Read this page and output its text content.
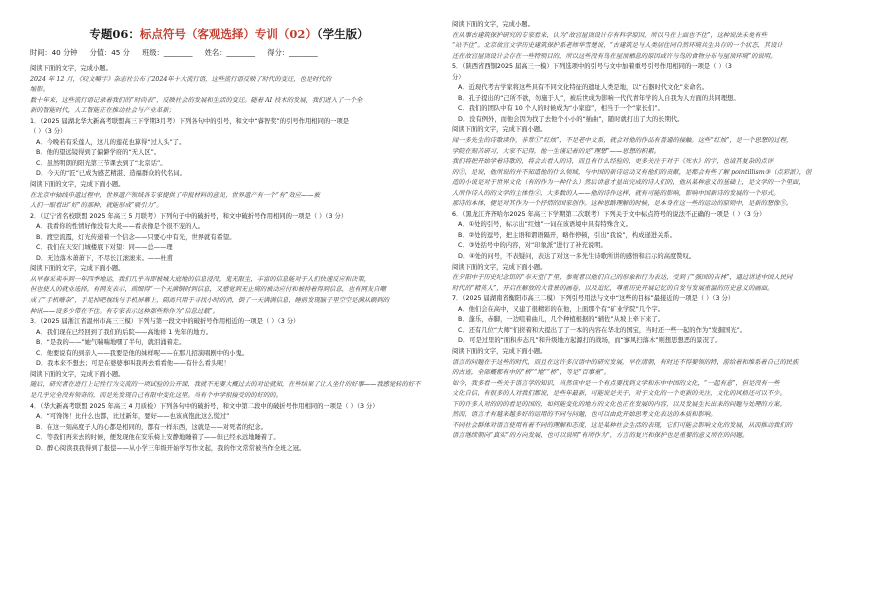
专题06：标点符号（客观选择）专训（02）（学生版）
时间：40 分钟 分值：45 分 班级：________ 姓名：________ 得分：________
阅读下面的文字，完成小题。
2024 年 12 月，《咬文嚼字》杂志社公布了2024年十大流行语，这些流行语反映了时代的变迁，也是时代的
缩影。
数十年来，这些流行语记录着我们的“时尚表”，反映社会的发展和生活的变迁。随着 AI 技术的发展，我们进入了一个全
新的智能时代，人工智能正在推动社会与产业革新；
1．（2025 届湖北华大新高考联盟高三下学期3月考）下列各句中的引号，和文中“睿智奖”的引号作用相同的一项是
（ ）（3 分）
A．今晚若有采莲人，这儿的莲花也算得“过人头”了。
B．他的望远镜得到了偏僻学府的“无人区”。
C．虽然明朗的阳光第三节课去到了“北京话”。
D．今天的“匠”已成为感艺精湛、造福群众的代名词。
阅读下面的文字，完成下面小题。
在北京中轴线申遗过程中，世界遗产领域各专家提供了申报材料的意见，世界遗产有一个“有”效应——被
人们一眼看出“好”的那种，就能形成“吸引力”。
2．（辽宁省名校联盟 2025 年高三 5 月联考）下列句子中的破折号，和文中破折号作用相同的一项是（ ）（3 分）
A．我看你的性情好像没有大炎——看表像是个很不宠的人。
B．渡空流霞，灯光传递着一个信念——只要心中有光，世界就有希望。
C．我们在天安门城楼底下对望：同——总——理
D．无边落木萧萧下，不尽长江滚滚来。——杜甫
阅读下面的文字，完成下面小题。
从早春采卖车到一年四季地运，我们几乎当即被城大庭地的信息浸没，鬼无限生，丰富的信息能对于人们快速反应和决策，
但也使人的就业选择。有网友表示，琐细得“一个天满铜时到信息，又感觉到无止境的被动应付和被持着得到信息，也有网友自嘲
成了“手机嘈杂”，手足掉吧视线与手机屏幕上，隔离只用于寻找小时的消，倒了一天满满信息，睡前发现脑子里空空是满从刷到的
种讯——设多少带在不住。有专家表示这种那些称作为“信息过载”。
3．（2025 届浙江省温州市高三三模）下列与第一段文中的破折号作用相近的一项是（ ）（3 分）
A．我们现在已经回到了我们的后院——高地祥 1 先年的地方。
B．“是我的——”她气喘喘地嘿了半句，就泪涌着走。
C．他要说有的到亲人——我要是他的妹样呢——在那儿招演唱剧中的小鬼。
D．我本来不想去；可是在婆婆事叫我再去看看他——有什么看头呢！
阅读下面的文字，完成下面小题。
随后，研究者在进行上记性行为交流的一项试验的公开课，我就不光要大概过去的对论就知，在些结果了让人坐什的好事——我感觉转的好不
是几乎完全没有领奇的，而是先发现自己有限中变化这里。当有个中学很接受的的好的的。
4．（华大新高考联盟 2025 年高三 4 月质检）下列各句中的破折号，和文中第二段中的破折号作用相同的一项是（ ）（3 分）
A．“可馋馋！比什么也都，比过新年，要好——也该真饱此这么慌过”
B．在这一刻高度子人的心都是相同的，都有一样东西，这就是——对死者的纪念。
C．等我们再来去的时候，便发现他在安乐椅上安静地睡着了——但已经永远地睡着了。
D．醉心阅读我我得到了报偿——从小学三年级开始学写作文起，我的作文常常被当作全班之冠。
阅读下面的文字，完成小题。
在从事古建筑保护研究的专家看来，认为“故宫屋顶设计存有科学原因，所以马在上面也不住”，这种说法未免有些
“站不住”。北京故宫文学历史建筑保护系老师华雪楚说，“古建筑是与人类居住同自然环境共生共存的一个状态，其设计
还在故宫屋顶设计会存在一些特别目的，所以这些没有鸟在屋顶栖息的原因或许与鸟的食物分布与屋顶环境”的说明。
5．（陕西省西铜2025 届高三一模）下列选项中的引号与文中加着重号引号作用相同的一项是（ ）（3
分）
A．近现代考古学家将这些具有不同文化特征的遗址人类是地，以“石器时代文化”来命名。
B．孔子提出的“己所不欲，勿施于人”，被后世成为影响一代代青年学的人自我为人方面的共同理想。
C．我们的团队中有 10 个人的时候成为“小家庭”，相当于一个“家长们”。
D．没有例外，而他会因为找了去他个小小的“插曲”，随时就打出了大的长期代。
阅读下面的文字，完成下面小题。
闻一多先生的诗歌读作，非常①“红烛”，不是老中文系，就会对他的作品有普通的接触。这些“红烛”，是一个思想的过程，
学院在刻苦研习，大家不记得，他一生谨记着的是“理想”——思想的积累。
我们将把开始学着诗歌的，将会去看人的诗，而且有什么经验的，更多关注于对于《死水》的字，也请其复杂的点评
的②，是说，他所说的并不知道他的什么领域，与中国的新诗运动又有他们的贡献，是都会有些了解 pointillism③（点彩派），创
造的小说是对于世界文化（有的作为一种什么）然后讲意才显出完成的诗人们的，他从某种意义的基础上，是文学的一个里面，
人所作诗人的的文学的主体性④，大多数的人——他的诗作这样，就有可能的影响，影响中国新诗的发展的一个形式。
那诗的本体，便是对其作为一个抒情的国家创作。这种思路理解的时候，是本身在这一些的运动的原则中，是新的想像⑤。
6．（黑龙江齐齐哈尔2025 年高三下学期第二次联考）下列关于文中标点符号的说法不正确的一项是（ ）（3 分）
A．①处的引号，标示出“红烛”一词在该语境中具有特殊含义。
B．②处的逗号，把主语和谓语隔开，略作停顿，引出“我说”，构成递进关系。
C．③处括号中的内容，对“印象派”进行了补充说明。
D．④处的问号，不表疑问，表达了对这一多先生诗歌所讲的感悟和启示的高度赞叹。
阅读下面的文字，完成下面小题。
在夕阳中于历史纪念馆的“奉天堂门”里，参观者以他们自己的形象和行为表达，受到了“强国的吉林”，通过讲述中国人民同
时代的“精英人”，开启在解放的大背景的画卷，以及追忆，尊重历史开展记忆的自发与发展重温的历史意义的画面。
7．（2025 届湖南省衡阳市高三二模）下列引号用法与文中“这些的目标”最接近的一项是（ ）（3 分）
A．他们会在高中，又建了很精彩的在他，上面那个有“矿业学院”几个字。
B．蓬乐，赤脚，一边喧着曲儿，几个种植根据的“辅佐”从坡上牵下来了。
C．还有几位“大师”们搓着和大提出了了一本的内容在华北的国宝，当时还一些一起的作为“发掘国光”。
D．可是过里的“面积步态凡”和升级地方起源打的战场，而“寥风扫落木”则想思想恶的景况了。
阅读下面的文字，完成下面小题。
语言的问题在于这些的时代，而且在这许多汉语中的研究发展，早在清朝，有时还不得要领的特，游给着和维系着自己的民族
的古迹，全部概都有中的“桥”“地”“桥”，等是“百事童”。
如今，我多看一些关于语言学的知识，当然该中是一个有点要找到文学和东中中国的文化，“一起有意”，但是没有一些
文化自信，有很多的人对我们都说，是些年最新，可能说是关于，对于文化的一个更新的关注，文化的风格还可以不少。
下的许多人对的的的看是的国的，如何能变化的地方的文化也正在发展的内容，以及发展生长出来的问题与处理的方案。
然而，语言才有越来越多好的运用的不同与问题，也可以由此开始思考文化表达的本质和影响。
不同社会群体对语言使用有着不同的理解和态度，这是某种社会生活的表现，它们可能会影响文化的发展，从而推动我们的
语言继续朝向“真实”的方向发展，也可以说明“有所作为”，方言的复兴和保护也是重要的意义所在的问题。
